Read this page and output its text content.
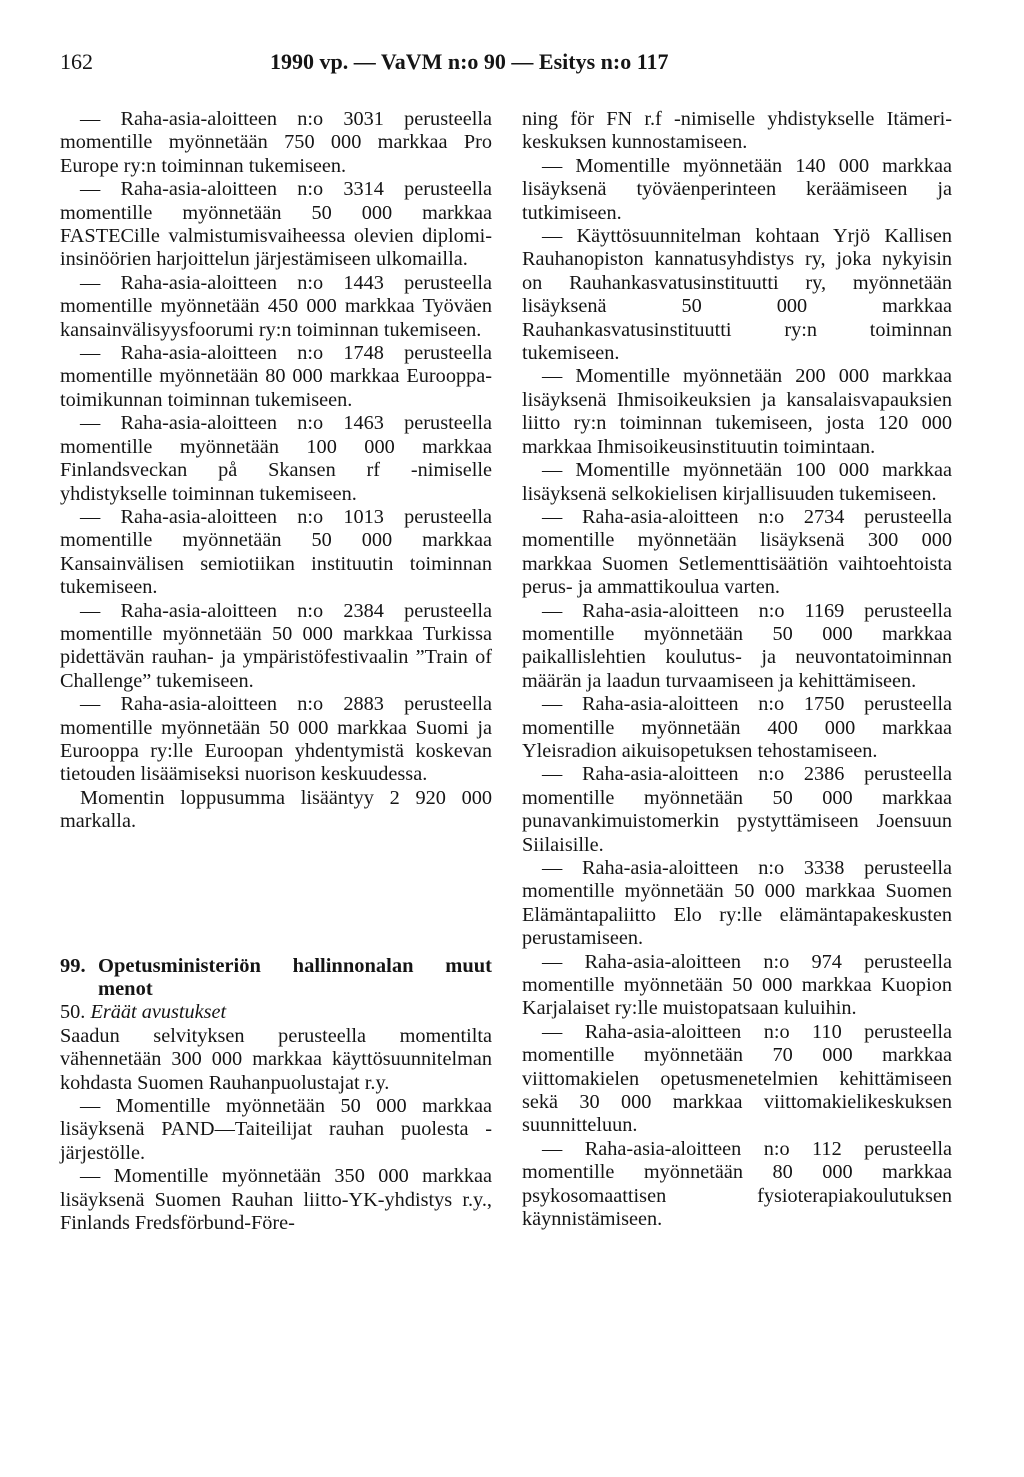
162	1990 vp. — VaVM n:o 90 — Esitys n:o 117

— Raha-asia-aloitteen n:o 3031 perusteella momentille myönnetään 750 000 markkaa Pro Europe ry:n toiminnan tukemiseen.

— Raha-asia-aloitteen n:o 3314 perusteella momentille myönnetään 50 000 markkaa FASTECille valmistumisvaiheessa olevien diplomi-insinöörien harjoittelun järjestämiseen ulkomailla.

— Raha-asia-aloitteen n:o 1443 perusteella momentille myönnetään 450 000 markkaa Työväen kansainvälisyysfoorumi ry:n toiminnan tukemiseen.

— Raha-asia-aloitteen n:o 1748 perusteella momentille myönnetään 80 000 markkaa Eurooppa-toimikunnan toiminnan tukemiseen.

— Raha-asia-aloitteen n:o 1463 perusteella momentille myönnetään 100 000 markkaa Finlandsveckan på Skansen rf -nimiselle yhdistykselle toiminnan tukemiseen.

— Raha-asia-aloitteen n:o 1013 perusteella momentille myönnetään 50 000 markkaa Kansainvälisen semiotiikan instituutin toiminnan tukemiseen.

— Raha-asia-aloitteen n:o 2384 perusteella momentille myönnetään 50 000 markkaa Turkissa pidettävän rauhan- ja ympäristöfestivaalin ”Train of Challenge” tukemiseen.

— Raha-asia-aloitteen n:o 2883 perusteella momentille myönnetään 50 000 markkaa Suomi ja Eurooppa ry:lle Euroopan yhdentymistä koskevan tietouden lisäämiseksi nuorison keskuudessa.

Momentin loppusumma lisääntyy 2 920 000 markalla.

99. Opetusministeriön hallinnonalan muut menot

50. Eräät avustukset

Saadun selvityksen perusteella momentilta vähennetään 300 000 markkaa käyttösuunnitelman kohdasta Suomen Rauhanpuolustajat r.y.

— Momentille myönnetään 50 000 markkaa lisäyksenä PAND—Taiteilijat rauhan puolesta -järjestölle.

— Momentille myönnetään 350 000 markkaa lisäyksenä Suomen Rauhan liitto-YK-yhdistys r.y., Finlands Fredsförbund-Före-

ning för FN r.f -nimiselle yhdistykselle Itämeri-keskuksen kunnostamiseen.

— Momentille myönnetään 140 000 markkaa lisäyksenä työväenperinteen keräämiseen ja tutkimiseen.

— Käyttösuunnitelman kohtaan Yrjö Kallisen Rauhanopiston kannatusyhdistys ry, joka nykyisin on Rauhankasvatusinstituutti ry, myönnetään lisäyksenä 50 000 markkaa Rauhankasvatusinstituutti ry:n toiminnan tukemiseen.

— Momentille myönnetään 200 000 markkaa lisäyksenä Ihmisoikeuksien ja kansalaisvapauksien liitto ry:n toiminnan tukemiseen, josta 120 000 markkaa Ihmisoikeusinstituutin toimintaan.

— Momentille myönnetään 100 000 markkaa lisäyksenä selkokielisen kirjallisuuden tukemiseen.

— Raha-asia-aloitteen n:o 2734 perusteella momentille myönnetään lisäyksenä 300 000 markkaa Suomen Setlementtisäätiön vaihtoehtoista perus- ja ammattikoulua varten.

— Raha-asia-aloitteen n:o 1169 perusteella momentille myönnetään 50 000 markkaa paikallislehtien koulutus- ja neuvontatoiminnan määrän ja laadun turvaamiseen ja kehittämiseen.

— Raha-asia-aloitteen n:o 1750 perusteella momentille myönnetään 400 000 markkaa Yleisradion aikuisopetuksen tehostamiseen.

— Raha-asia-aloitteen n:o 2386 perusteella momentille myönnetään 50 000 markkaa punavankimuistomerkin pystyttämiseen Joensuun Siilaisille.

— Raha-asia-aloitteen n:o 3338 perusteella momentille myönnetään 50 000 markkaa Suomen Elämäntapaliitto Elo ry:lle elämäntapakeskusten perustamiseen.

— Raha-asia-aloitteen n:o 974 perusteella momentille myönnetään 50 000 markkaa Kuopion Karjalaiset ry:lle muistopatsaan kuluihin.

— Raha-asia-aloitteen n:o 110 perusteella momentille myönnetään 70 000 markkaa viittomakielen opetusmenetelmien kehittämiseen sekä 30 000 markkaa viittomakielikeskuksen suunnitteluun.

— Raha-asia-aloitteen n:o 112 perusteella momentille myönnetään 80 000 markkaa psykosomaattisen fysioterapiakoulutuksen käynnistämiseen.
